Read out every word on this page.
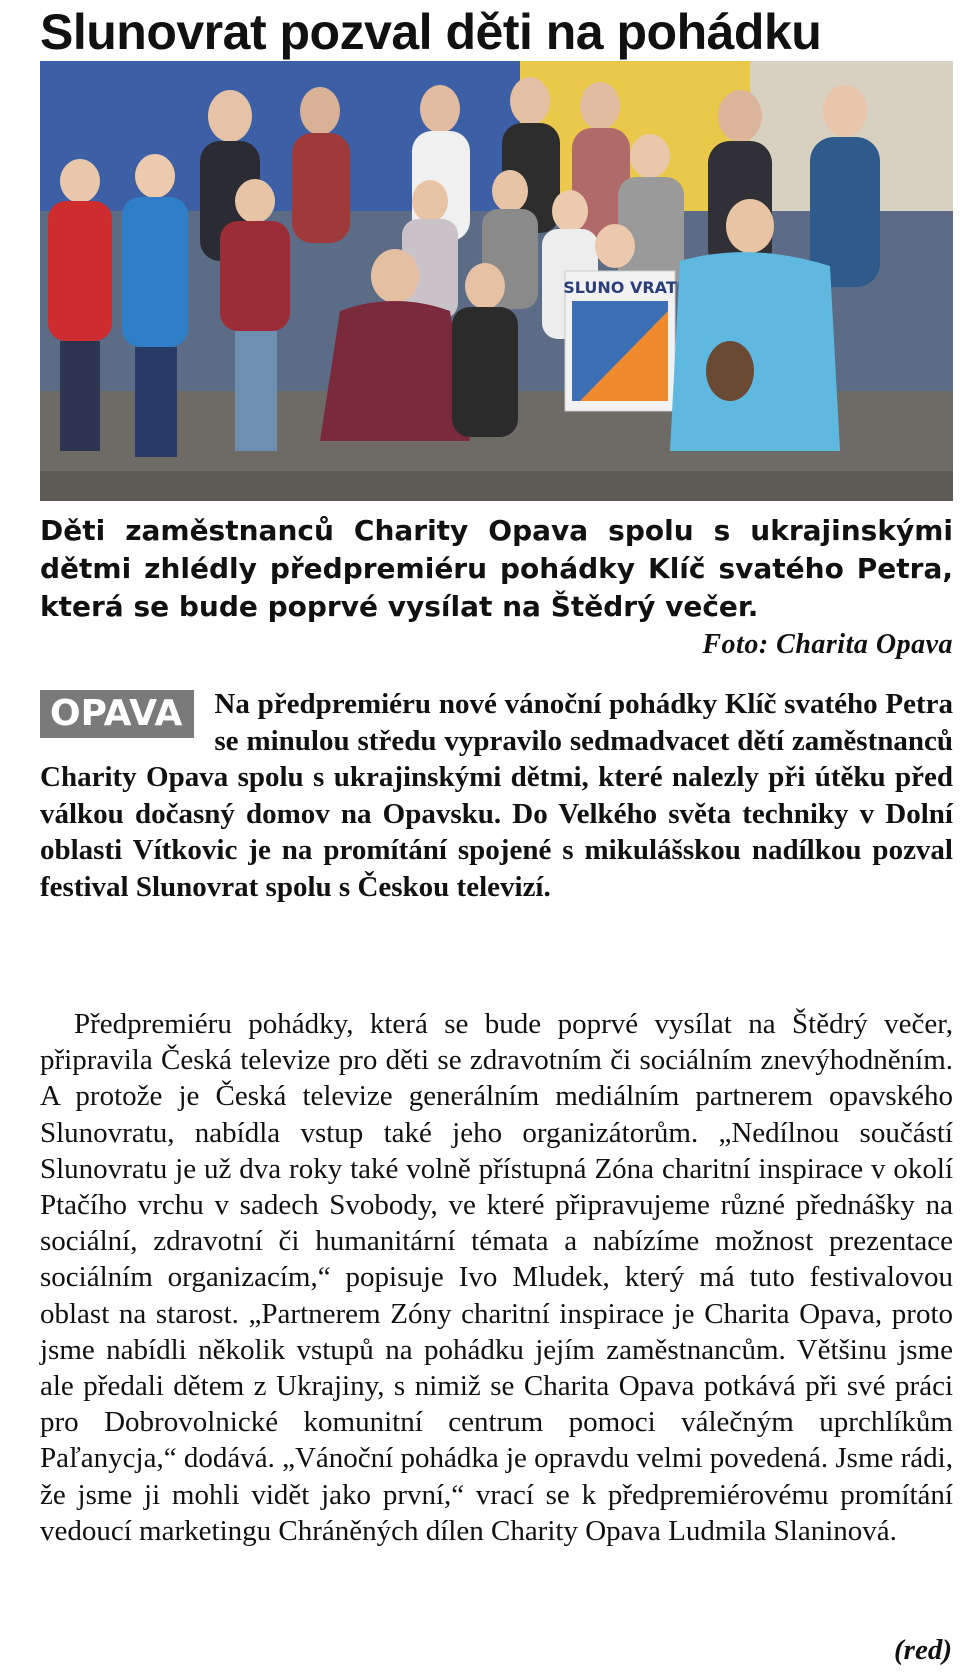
Slunovrat pozval děti na pohádku
SLUNO VRAT
Děti zaměstnanců Charity Opava spolu s ukrajinskými dětmi zhlédly předpremiéru pohádky Klíč svatého Petra, která se bude poprvé vysílat na Štědrý večer.
Foto: Charita Opava
OPAVA	Na předpremiéru nové vánoční pohádky Klíč svatého Petra se minulou středu vypravilo sedmadvacet dětí zaměstnanců Charity Opava spolu s ukrajinskými dětmi, které nalezly při útěku před válkou dočasný domov na Opavsku. Do Velkého světa techniky v Dolní oblasti Vítkovic je na promítání spojené s mikulášskou nadílkou pozval festival Slunovrat spolu s Českou televizí.

Předpremiéru pohádky, která se bude poprvé vysílat na Štědrý večer, připravila Česká televize pro děti se zdravotním či sociálním znevýhodněním. A protože je Česká televize generálním mediálním partnerem opavského Slunovratu, nabídla vstup také jeho organizátorům. „Nedílnou součástí Slunovratu je už dva roky také volně přístupná Zóna charitní inspirace v okolí Ptačího vrchu v sadech Svobody, ve které připravujeme různé přednášky na sociální, zdravotní či humanitární témata a nabízíme možnost prezentace sociálním organizacím,“ popisuje Ivo Mludek, který má tuto festivalovou oblast na starost. „Partnerem Zóny charitní inspirace je Charita Opava, proto jsme nabídli několik vstupů na pohádku jejím zaměstnancům. Většinu jsme ale předali dětem z Ukrajiny, s nimiž se Charita Opava potkává při své práci pro Dobrovolnické komunitní centrum pomoci válečným uprchlíkům Paľanycja,“ dodává. „Vánoční pohádka je opravdu velmi povedená. Jsme rádi, že jsme ji mohli vidět jako první,“ vrací se k předpremiérovému promítání vedoucí marketingu Chráněných dílen Charity Opava Ludmila Slaninová.

(red)
